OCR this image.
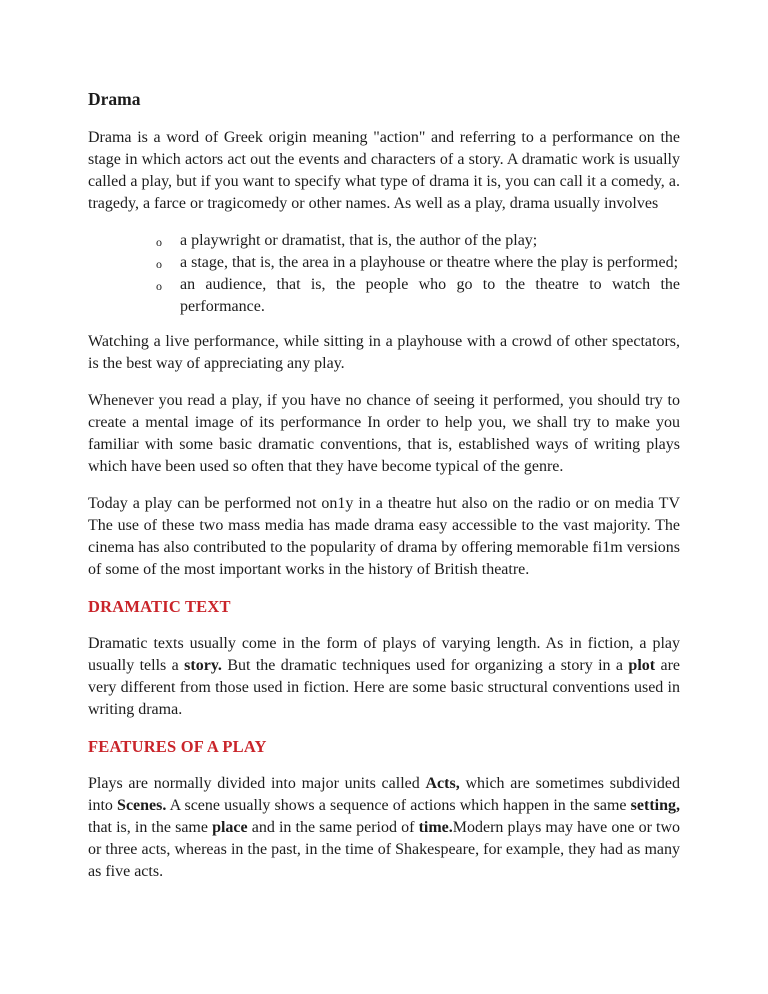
Drama

Drama is a word of Greek origin meaning "action" and referring to a performance on the stage in which actors act out the events and characters of a story. A dramatic work is usually called a play, but if you want to specify what type of drama it is, you can call it a comedy, a. tragedy, a farce or tragicomedy or other names. As well as a play, drama usually involves

o a playwright or dramatist, that is, the author of the play;
o a stage, that is, the area in a playhouse or theatre where the play is performed;
o an audience, that is, the people who go to the theatre to watch the performance.

Watching a live performance, while sitting in a playhouse with a crowd of other spectators, is the best way of appreciating any play.

Whenever you read a play, if you have no chance of seeing it performed, you should try to create a mental image of its performance In order to help you, we shall try to make you familiar with some basic dramatic conventions, that is, established ways of writing plays which have been used so often that they have become typical of the genre.

Today a play can be performed not on1y in a theatre hut also on the radio or on media TV The use of these two mass media has made drama easy accessible to the vast majority. The cinema has also contributed to the popularity of drama by offering memorable fi1m versions of some of the most important works in the history of British theatre.

DRAMATIC TEXT

Dramatic texts usually come in the form of plays of varying length. As in fiction, a play usually tells a story. But the dramatic techniques used for organizing a story in a plot are very different from those used in fiction. Here are some basic structural conventions used in writing drama.

FEATURES OF A PLAY

Plays are normally divided into major units called Acts, which are sometimes subdivided into Scenes. A scene usually shows a sequence of actions which happen in the same setting, that is, in the same place and in the same period of time.Modern plays may have one or two or three acts, whereas in the past, in the time of Shakespeare, for example, they had as many as five acts.
